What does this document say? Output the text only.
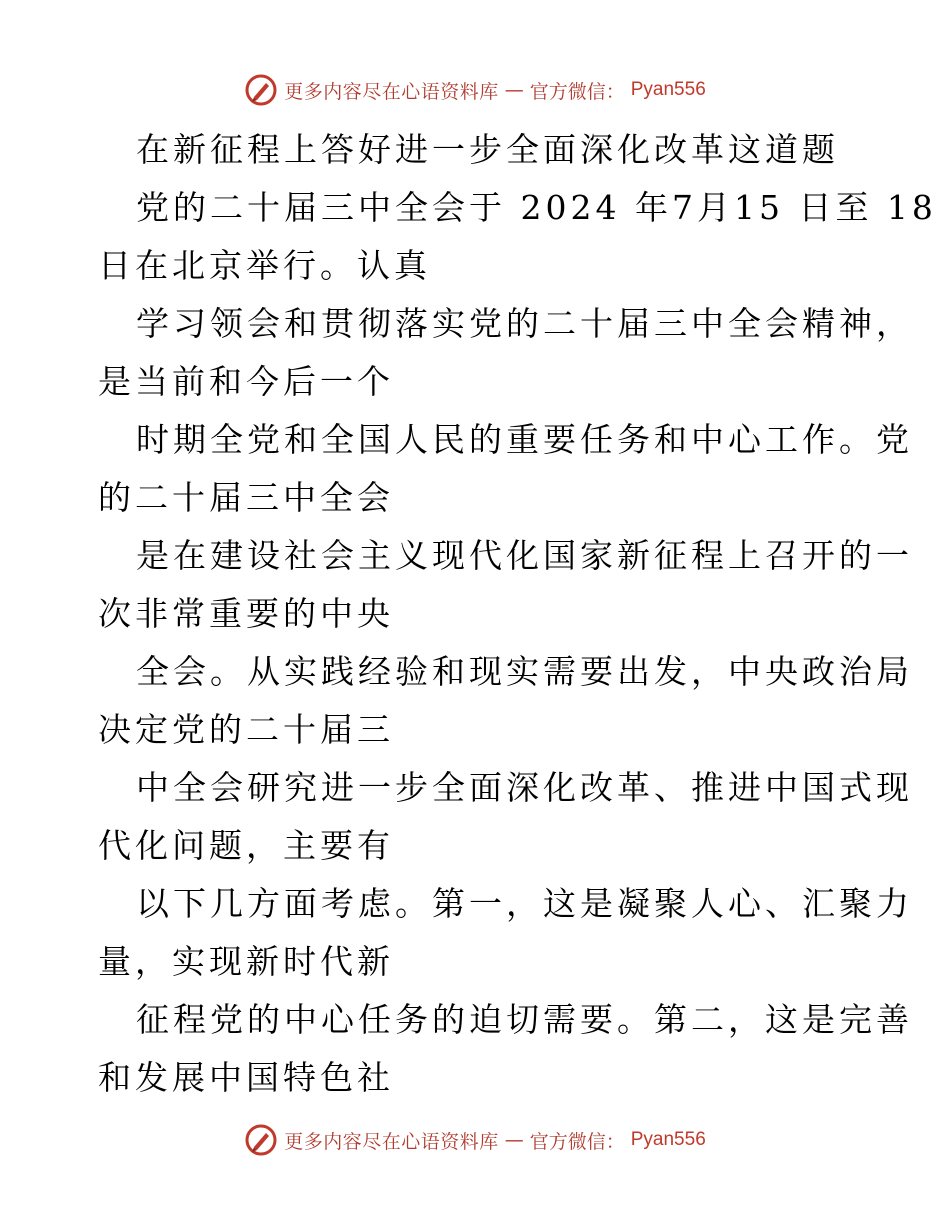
更多内容尽在心语资料库 — 官方微信： Pyan556
在新征程上答好进一步全面深化改革这道题
党的二十届三中全会于 2024 年7月15 日至 18
日在北京举行。认真
学习领会和贯彻落实党的二十届三中全会精神，
是当前和今后一个
时期全党和全国人民的重要任务和中心工作。党
的二十届三中全会
是在建设社会主义现代化国家新征程上召开的一
次非常重要的中央
全会。从实践经验和现实需要出发，中央政治局
决定党的二十届三
中全会研究进一步全面深化改革、推进中国式现
代化问题，主要有
以下几方面考虑。第一，这是凝聚人心、汇聚力
量，实现新时代新
征程党的中心任务的迫切需要。第二，这是完善
和发展中国特色社
更多内容尽在心语资料库 — 官方微信： Pyan556
